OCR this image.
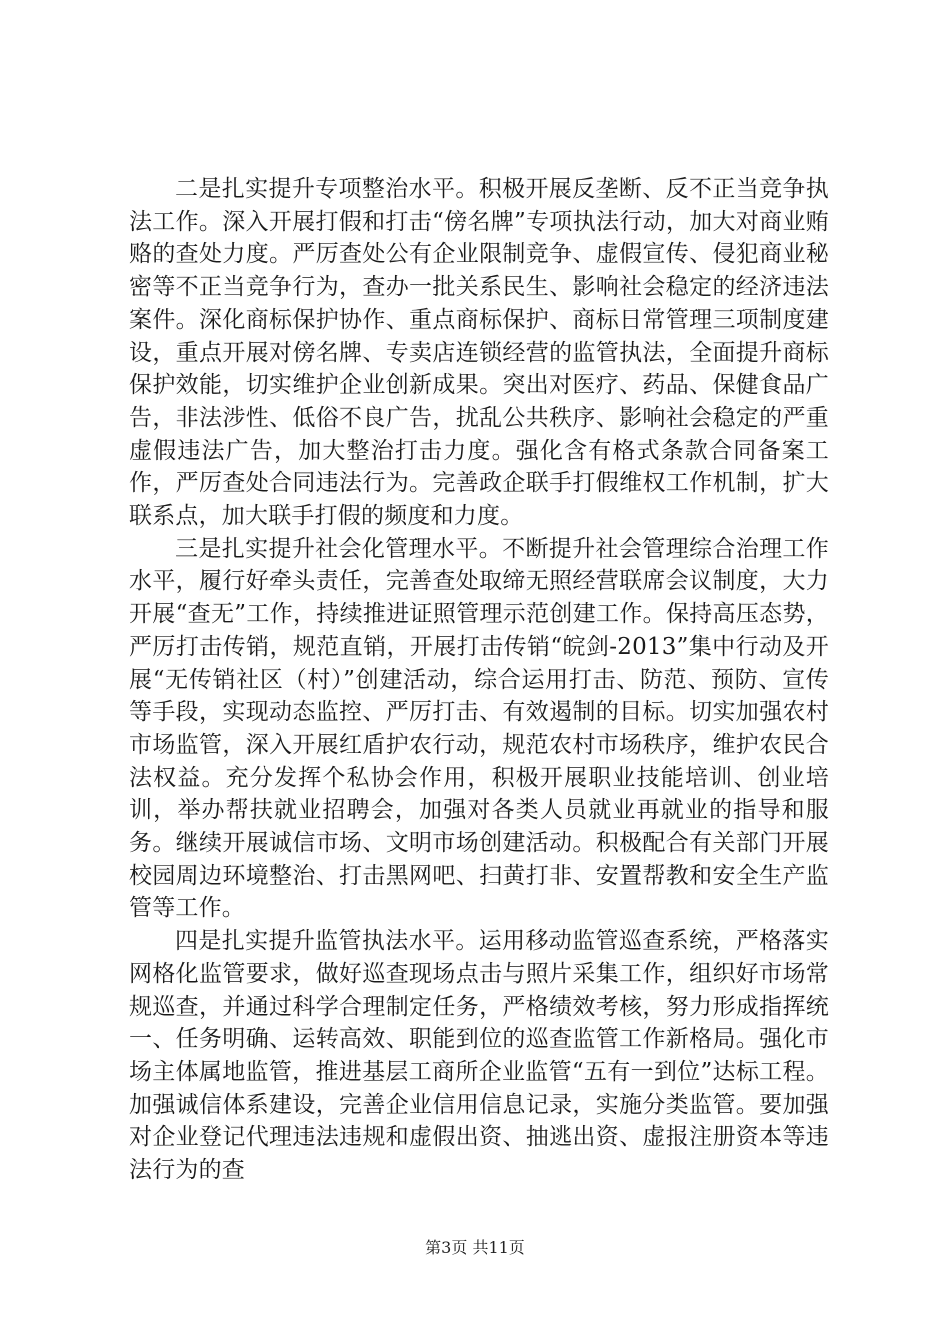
二是扎实提升专项整治水平。积极开展反垄断、反不正当竞争执法工作。深入开展打假和打击“傍名牌”专项执法行动，加大对商业贿赂的查处力度。严厉查处公有企业限制竞争、虚假宣传、侵犯商业秘密等不正当竞争行为，查办一批关系民生、影响社会稳定的经济违法案件。深化商标保护协作、重点商标保护、商标日常管理三项制度建设，重点开展对傍名牌、专卖店连锁经营的监管执法，全面提升商标保护效能，切实维护企业创新成果。突出对医疗、药品、保健食品广告，非法涉性、低俗不良广告，扰乱公共秩序、影响社会稳定的严重虚假违法广告，加大整治打击力度。强化含有格式条款合同备案工作，严厉查处合同违法行为。完善政企联手打假维权工作机制，扩大联系点，加大联手打假的频度和力度。

三是扎实提升社会化管理水平。不断提升社会管理综合治理工作水平，履行好牵头责任，完善查处取缔无照经营联席会议制度，大力开展“查无”工作，持续推进证照管理示范创建工作。保持高压态势，严厉打击传销，规范直销，开展打击传销“皖剑-2013”集中行动及开展“无传销社区（村）”创建活动，综合运用打击、防范、预防、宣传等手段，实现动态监控、严厉打击、有效遏制的目标。切实加强农村市场监管，深入开展红盾护农行动，规范农村市场秩序，维护农民合法权益。充分发挥个私协会作用，积极开展职业技能培训、创业培训，举办帮扶就业招聘会，加强对各类人员就业再就业的指导和服务。继续开展诚信市场、文明市场创建活动。积极配合有关部门开展校园周边环境整治、打击黑网吧、扫黄打非、安置帮教和安全生产监管等工作。

四是扎实提升监管执法水平。运用移动监管巡查系统，严格落实网格化监管要求，做好巡查现场点击与照片采集工作，组织好市场常规巡查，并通过科学合理制定任务，严格绩效考核，努力形成指挥统一、任务明确、运转高效、职能到位的巡查监管工作新格局。强化市场主体属地监管，推进基层工商所企业监管“五有一到位”达标工程。加强诚信体系建设，完善企业信用信息记录，实施分类监管。要加强对企业登记代理违法违规和虚假出资、抽逃出资、虚报注册资本等违法行为的查

第3页 共11页
